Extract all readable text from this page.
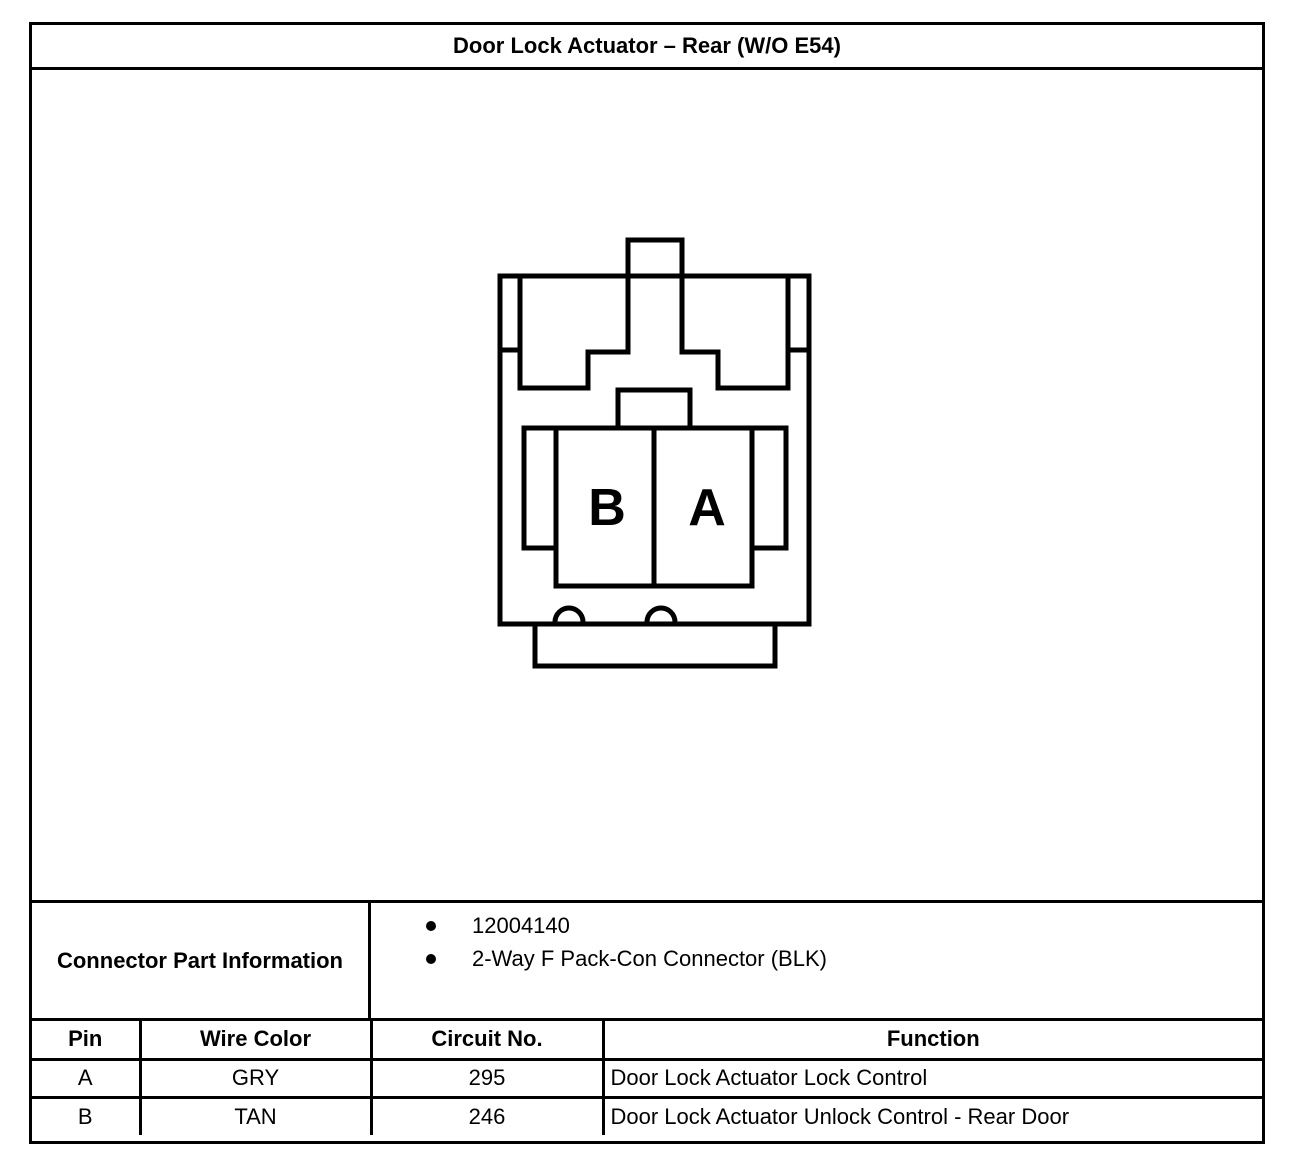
Door Lock Actuator – Rear (W/O E54)
B A
Connector Part Information
12004140
2-Way F Pack-Con Connector (BLK)
Pin	Wire Color	Circuit No.	Function
A	GRY	295	Door Lock Actuator Lock Control
B	TAN	246	Door Lock Actuator Unlock Control - Rear Door
